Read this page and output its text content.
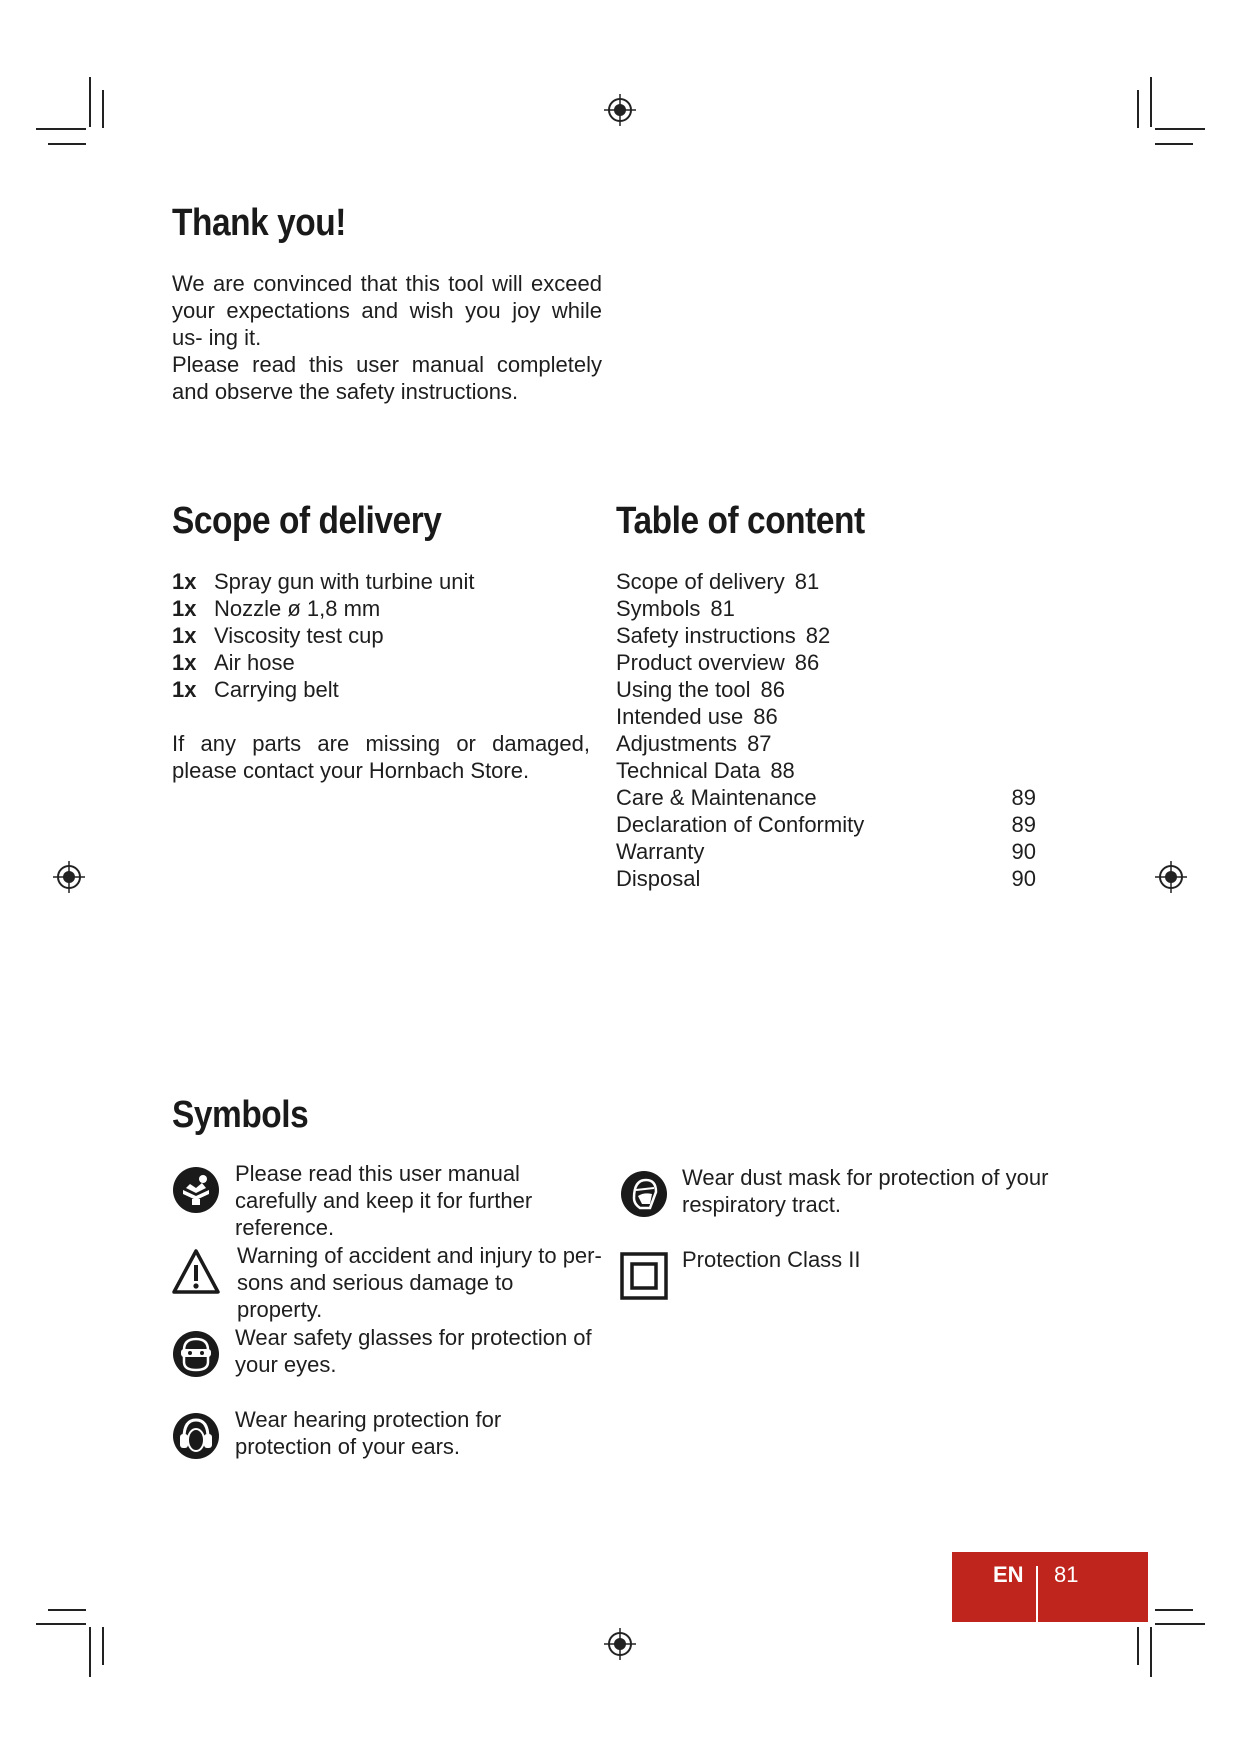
Thank you!

We are convinced that this tool will exceed your expectations and wish you joy while us- ing it.

Please read this user manual completely and observe the safety instructions.

Scope of delivery
1x Spray gun with turbine unit
1x Nozzle ø 1,8 mm
1x Viscosity test cup
1x Air hose
1x Carrying belt
If any parts are missing or damaged, please contact your Hornbach Store.
Table of content
Scope of delivery 81
Symbols 81
Safety instructions 82
Product overview 86
Using the tool 86
Intended use 86
Adjustments 87
Technical Data 88
Care & Maintenance	89
Declaration of Conformity	89
Warranty	90
Disposal	90
Symbols
Please read this user manual carefully and keep it for further reference.
Warning of accident and injury to per- sons and serious damage to property.
Wear safety glasses for protection of your eyes.
Wear hearing protection for protection of your ears.
Wear dust mask for protection of your respiratory tract.
Protection Class II
EN 81
